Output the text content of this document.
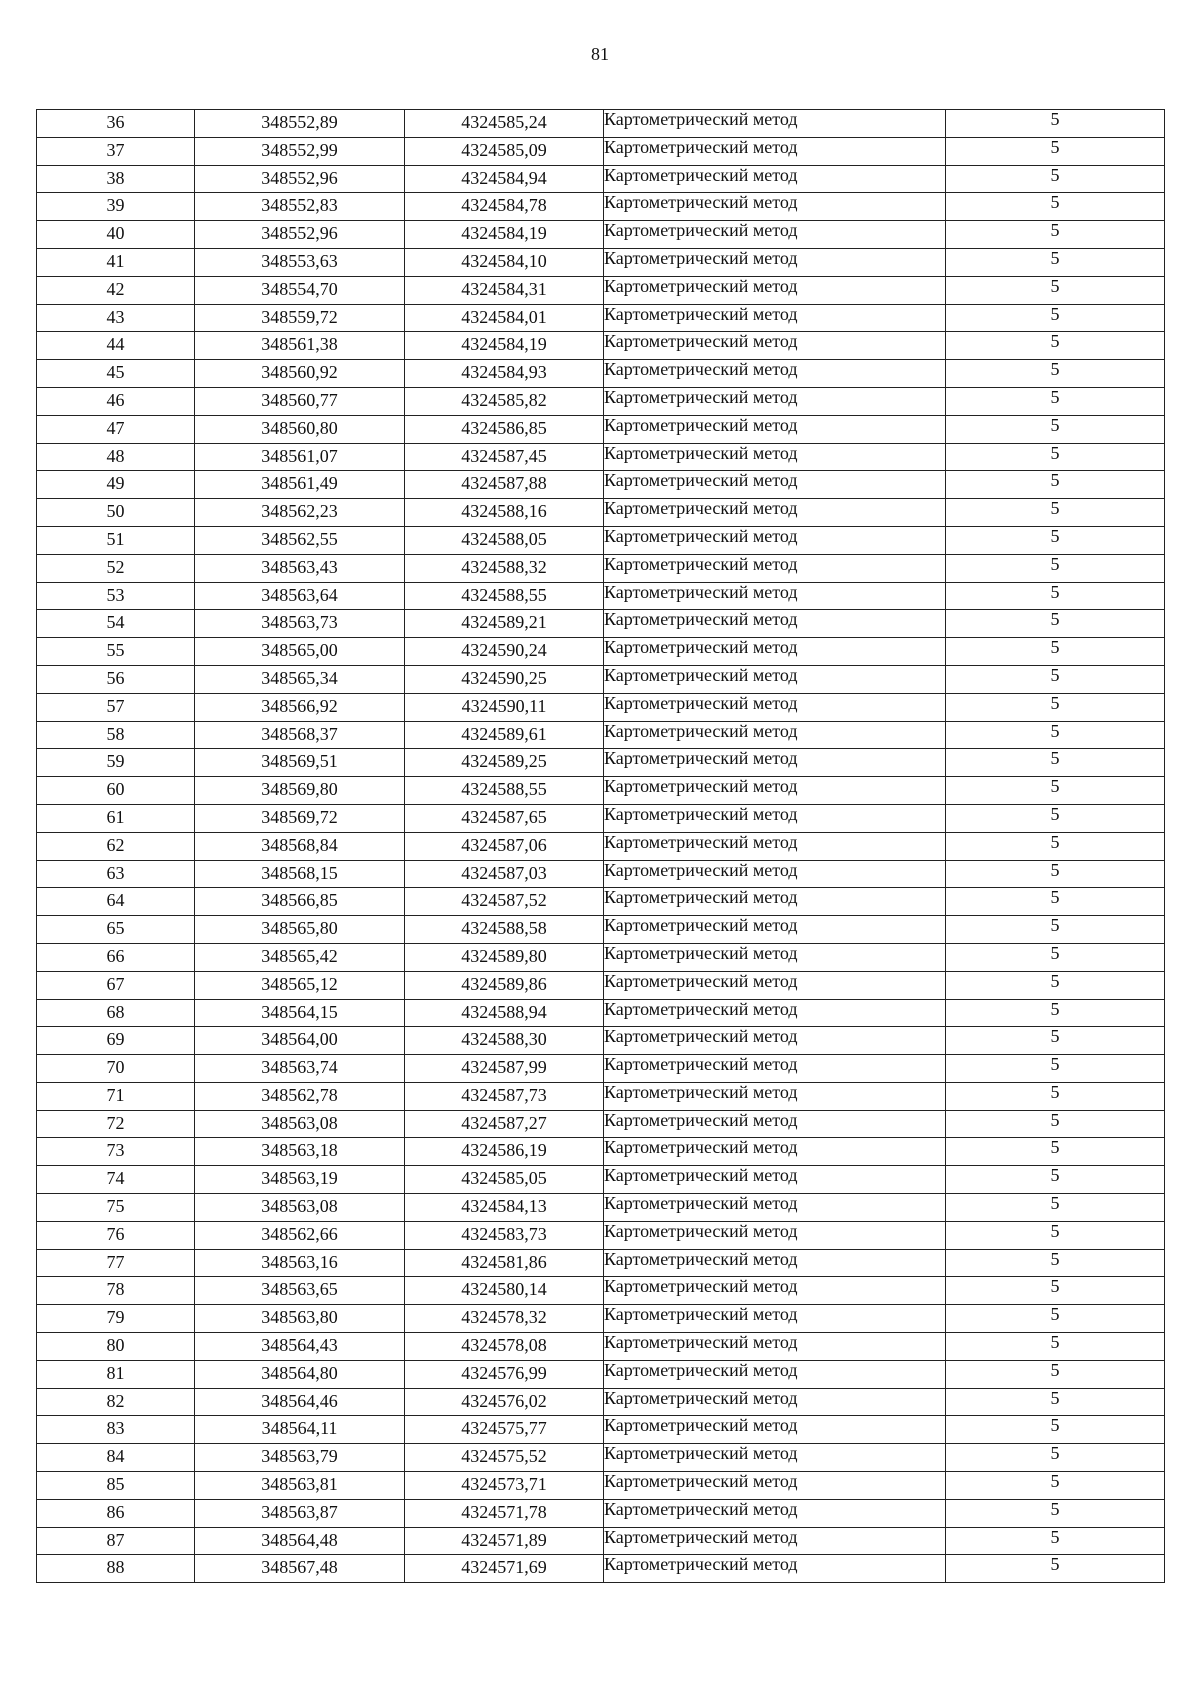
81
36	348552,89	4324585,24	Картометрический метод	5
37	348552,99	4324585,09	Картометрический метод	5
38	348552,96	4324584,94	Картометрический метод	5
39	348552,83	4324584,78	Картометрический метод	5
40	348552,96	4324584,19	Картометрический метод	5
41	348553,63	4324584,10	Картометрический метод	5
42	348554,70	4324584,31	Картометрический метод	5
43	348559,72	4324584,01	Картометрический метод	5
44	348561,38	4324584,19	Картометрический метод	5
45	348560,92	4324584,93	Картометрический метод	5
46	348560,77	4324585,82	Картометрический метод	5
47	348560,80	4324586,85	Картометрический метод	5
48	348561,07	4324587,45	Картометрический метод	5
49	348561,49	4324587,88	Картометрический метод	5
50	348562,23	4324588,16	Картометрический метод	5
51	348562,55	4324588,05	Картометрический метод	5
52	348563,43	4324588,32	Картометрический метод	5
53	348563,64	4324588,55	Картометрический метод	5
54	348563,73	4324589,21	Картометрический метод	5
55	348565,00	4324590,24	Картометрический метод	5
56	348565,34	4324590,25	Картометрический метод	5
57	348566,92	4324590,11	Картометрический метод	5
58	348568,37	4324589,61	Картометрический метод	5
59	348569,51	4324589,25	Картометрический метод	5
60	348569,80	4324588,55	Картометрический метод	5
61	348569,72	4324587,65	Картометрический метод	5
62	348568,84	4324587,06	Картометрический метод	5
63	348568,15	4324587,03	Картометрический метод	5
64	348566,85	4324587,52	Картометрический метод	5
65	348565,80	4324588,58	Картометрический метод	5
66	348565,42	4324589,80	Картометрический метод	5
67	348565,12	4324589,86	Картометрический метод	5
68	348564,15	4324588,94	Картометрический метод	5
69	348564,00	4324588,30	Картометрический метод	5
70	348563,74	4324587,99	Картометрический метод	5
71	348562,78	4324587,73	Картометрический метод	5
72	348563,08	4324587,27	Картометрический метод	5
73	348563,18	4324586,19	Картометрический метод	5
74	348563,19	4324585,05	Картометрический метод	5
75	348563,08	4324584,13	Картометрический метод	5
76	348562,66	4324583,73	Картометрический метод	5
77	348563,16	4324581,86	Картометрический метод	5
78	348563,65	4324580,14	Картометрический метод	5
79	348563,80	4324578,32	Картометрический метод	5
80	348564,43	4324578,08	Картометрический метод	5
81	348564,80	4324576,99	Картометрический метод	5
82	348564,46	4324576,02	Картометрический метод	5
83	348564,11	4324575,77	Картометрический метод	5
84	348563,79	4324575,52	Картометрический метод	5
85	348563,81	4324573,71	Картометрический метод	5
86	348563,87	4324571,78	Картометрический метод	5
87	348564,48	4324571,89	Картометрический метод	5
88	348567,48	4324571,69	Картометрический метод	5
